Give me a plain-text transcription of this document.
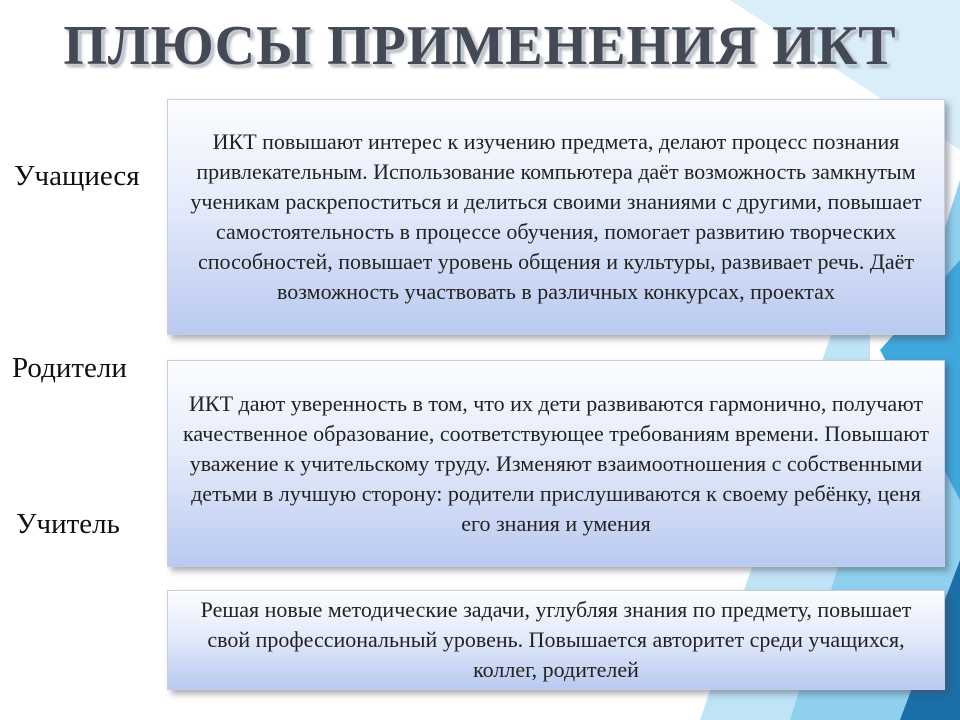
ПЛЮСЫ ПРИМЕНЕНИЯ ИКТ
Учащиеся
Родители
Учитель
ИКТ повышают интерес к изучению предмета, делают процесс познания привлекательным. Использование компьютера даёт возможность замкнутым ученикам раскрепоститься и делиться своими знаниями с другими, повышает самостоятельность в процессе обучения, помогает развитию творческих способностей, повышает уровень общения и культуры, развивает речь. Даёт возможность участвовать в различных конкурсах, проектах
ИКТ дают уверенность в том, что их дети развиваются гармонично, получают качественное образование, соответствующее требованиям времени. Повышают уважение к учительскому труду. Изменяют взаимоотношения с собственными детьми в лучшую сторону: родители прислушиваются к своему ребёнку, ценя его знания и умения
Решая новые методические задачи, углубляя знания по предмету, повышает свой профессиональный уровень. Повышается авторитет среди учащихся, коллег, родителей
